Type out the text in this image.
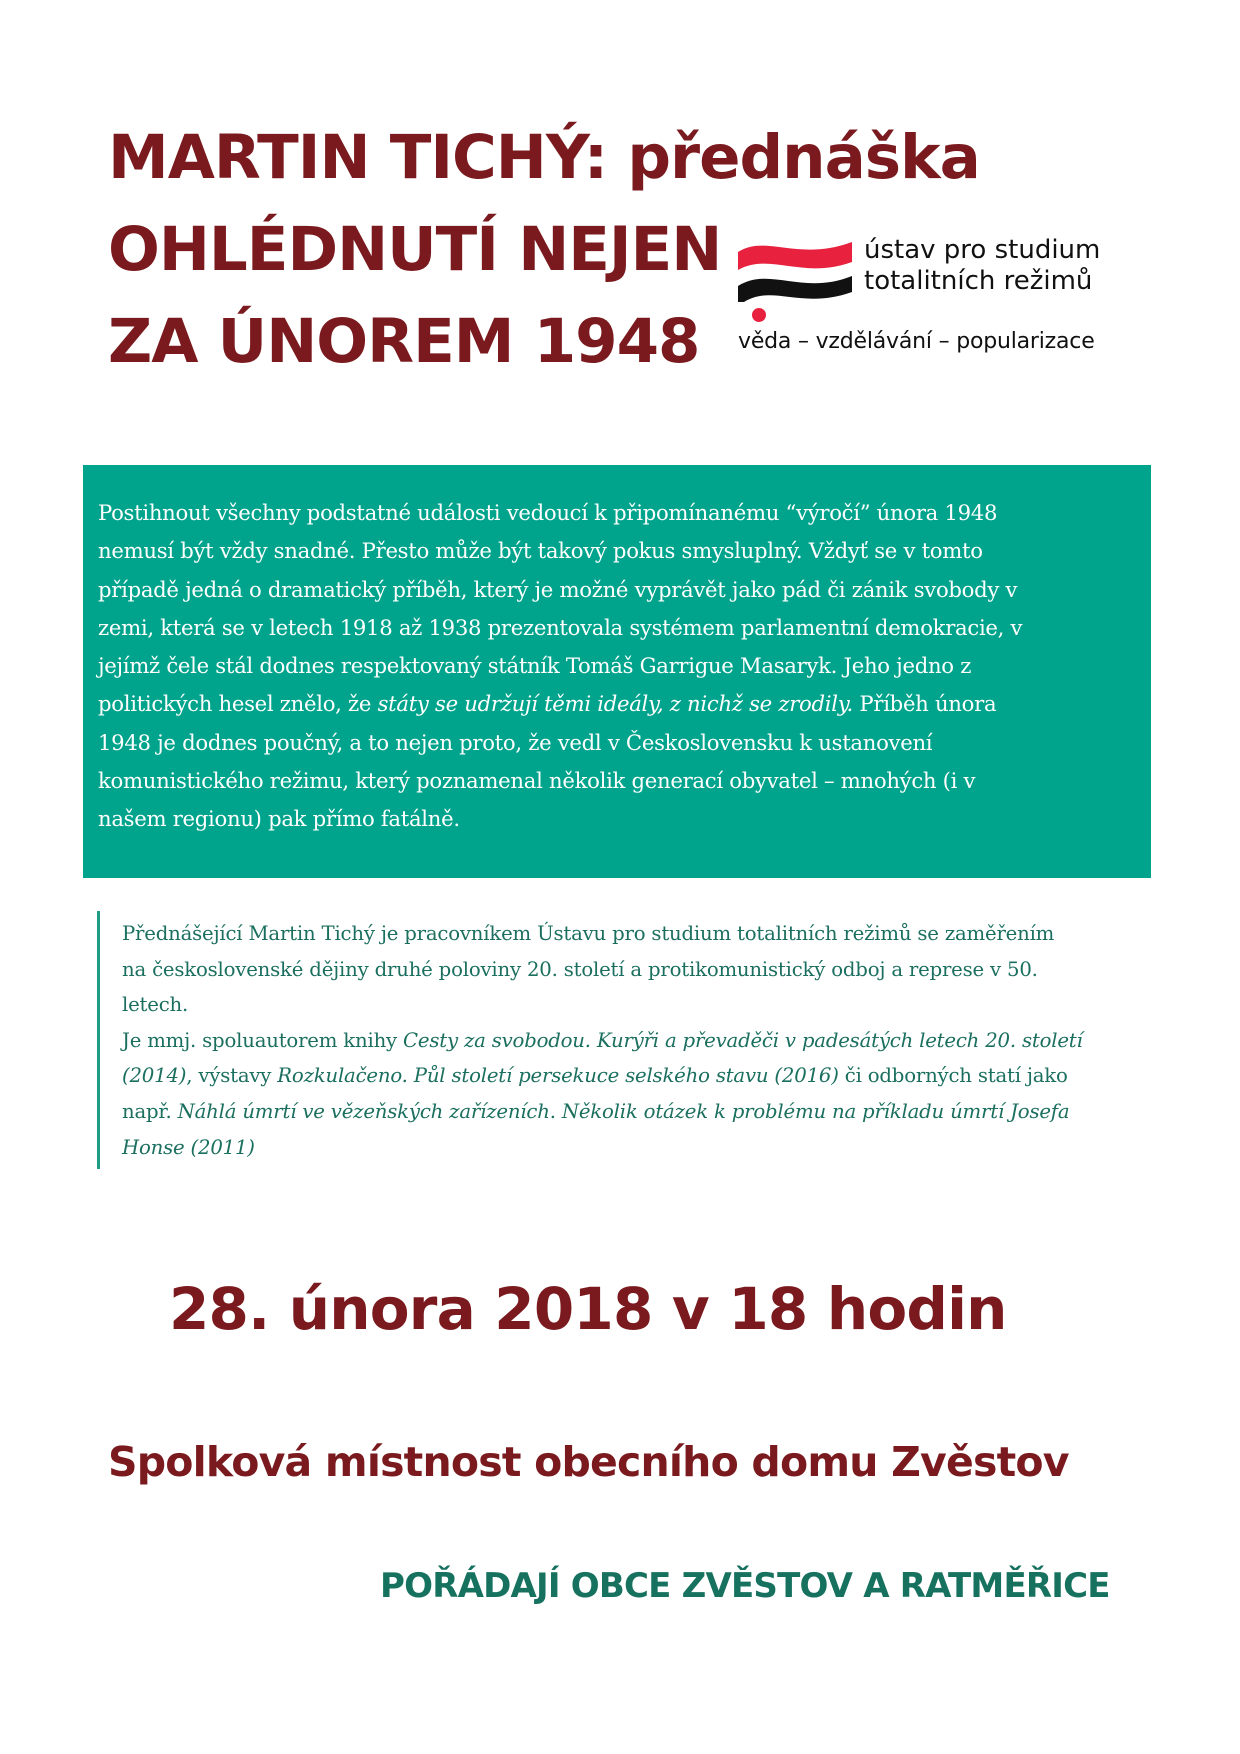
MARTIN TICHÝ: přednáška
OHLÉDNUTÍ NEJEN
ZA ÚNOREM 1948
ústav pro studium
totalitních režimů
věda – vzdělávání – popularizace
Postihnout všechny podstatné události vedoucí k připomínanému “výročí” února 1948
nemusí být vždy snadné. Přesto může být takový pokus smysluplný. Vždyť se v tomto
případě jedná o dramatický příběh, který je možné vyprávět jako pád či zánik svobody v
zemi, která se v letech 1918 až 1938 prezentovala systémem parlamentní demokracie, v
jejímž čele stál dodnes respektovaný státník Tomáš Garrigue Masaryk. Jeho jedno z
politických hesel znělo, že státy se udržují těmi ideály, z nichž se zrodily. Příběh února
1948 je dodnes poučný, a to nejen proto, že vedl v Československu k ustanovení
komunistického režimu, který poznamenal několik generací obyvatel – mnohých (i v
našem regionu) pak přímo fatálně.
Přednášející Martin Tichý je pracovníkem Ústavu pro studium totalitních režimů se zaměřením
na československé dějiny druhé poloviny 20. století a protikomunistický odboj a represe v 50.
letech.
Je mmj. spoluautorem knihy Cesty za svobodou. Kurýři a převaděči v padesátých letech 20. století
(2014), výstavy Rozkulačeno. Půl století persekuce selského stavu (2016) či odborných statí jako
např. Náhlá úmrtí ve vězeňských zařízeních. Několik otázek k problému na příkladu úmrtí Josefa
Honse (2011)
28. února 2018 v 18 hodin
Spolková místnost obecního domu Zvěstov
POŘÁDAJÍ OBCE ZVĚSTOV A RATMĚŘICE
